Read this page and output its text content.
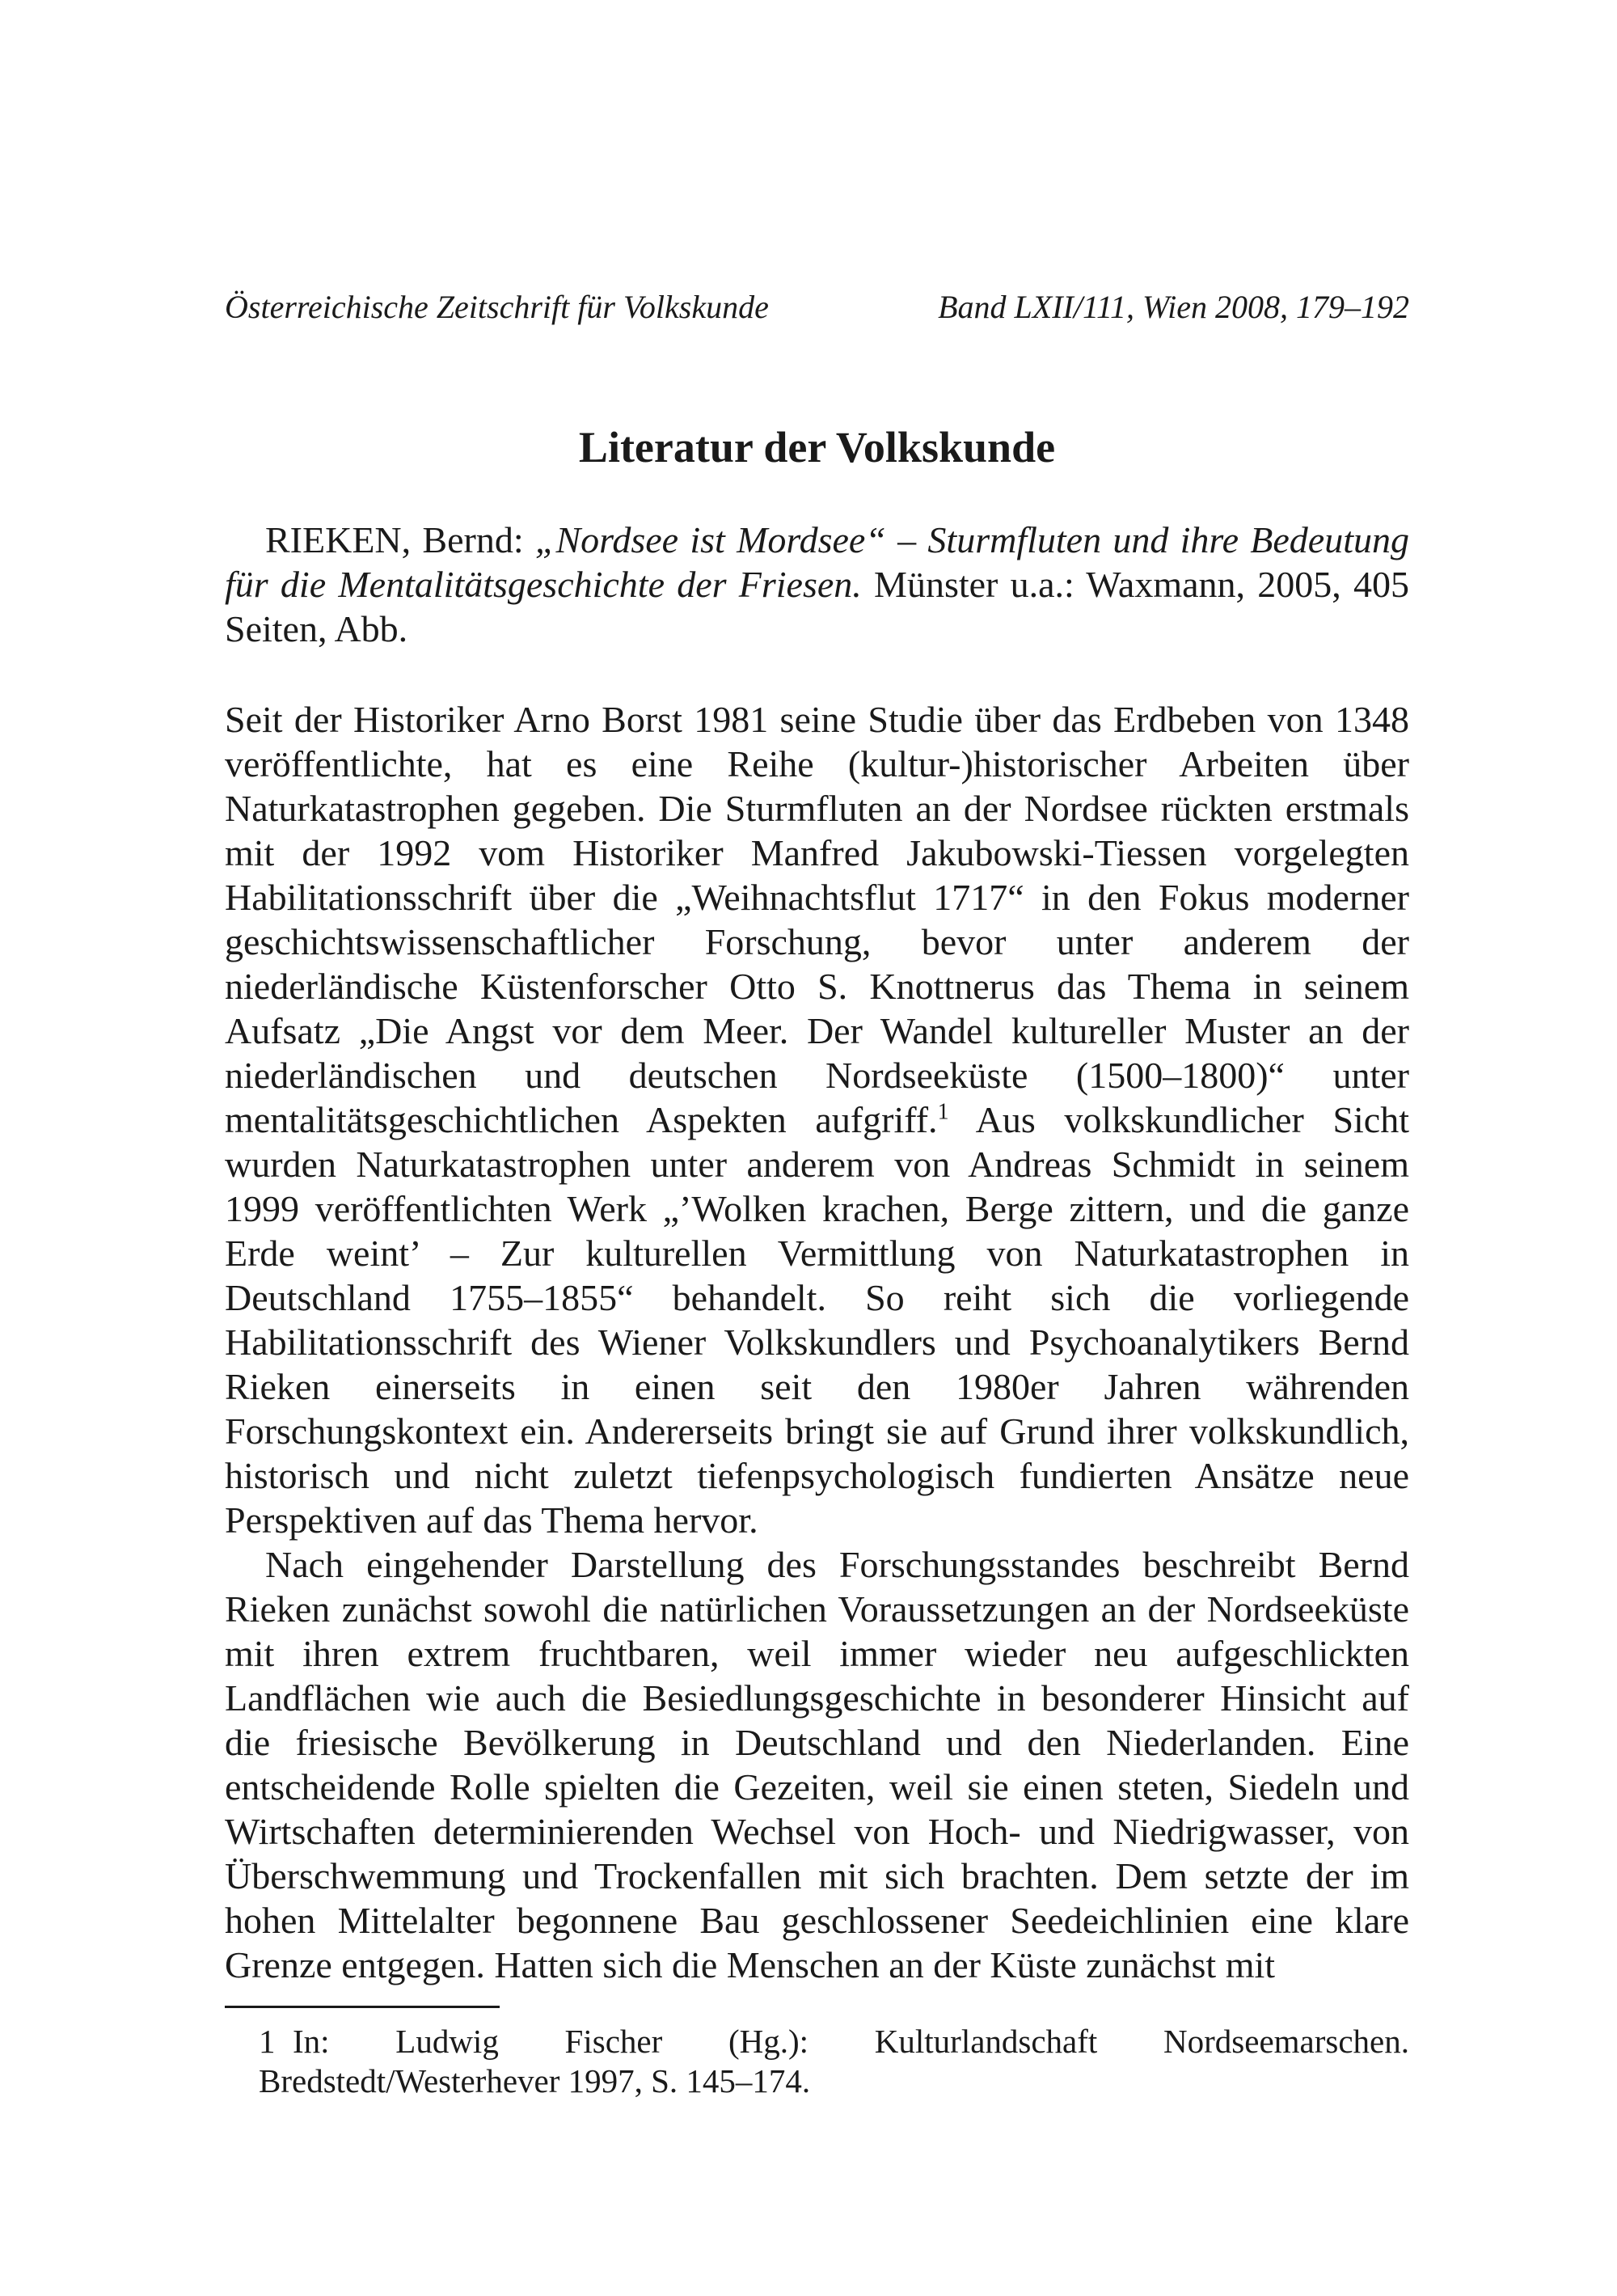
Österreichische Zeitschrift für Volkskunde	Band LXII/111, Wien 2008, 179–192
Literatur der Volkskunde
RIEKEN, Bernd: „Nordsee ist Mordsee“ – Sturmfluten und ihre Bedeutung für die Mentalitätsgeschichte der Friesen. Münster u.a.: Waxmann, 2005, 405 Seiten, Abb.

Seit der Historiker Arno Borst 1981 seine Studie über das Erdbeben von 1348 veröffentlichte, hat es eine Reihe (kultur-)historischer Arbeiten über Naturkatastrophen gegeben. Die Sturmfluten an der Nordsee rückten erstmals mit der 1992 vom Historiker Manfred Jakubowski-Tiessen vorgelegten Habilitationsschrift über die „Weihnachtsflut 1717“ in den Fokus moderner geschichtswissenschaftlicher Forschung, bevor unter anderem der niederländische Küstenforscher Otto S. Knottnerus das Thema in seinem Aufsatz „Die Angst vor dem Meer. Der Wandel kultureller Muster an der niederländischen und deutschen Nordseeküste (1500–1800)“ unter mentalitätsgeschichtlichen Aspekten aufgriff.$^1$ Aus volkskundlicher Sicht wurden Naturkatastrophen unter anderem von Andreas Schmidt in seinem 1999 veröffentlichten Werk „’Wolken krachen, Berge zittern, und die ganze Erde weint’ – Zur kulturellen Vermittlung von Naturkatastrophen in Deutschland 1755–1855“ behandelt. So reiht sich die vorliegende Habilitationsschrift des Wiener Volkskundlers und Psychoanalytikers Bernd Rieken einerseits in einen seit den 1980er Jahren währenden Forschungskontext ein. Andererseits bringt sie auf Grund ihrer volkskundlich, historisch und nicht zuletzt tiefenpsychologisch fundierten Ansätze neue Perspektiven auf das Thema hervor.

Nach eingehender Darstellung des Forschungsstandes beschreibt Bernd Rieken zunächst sowohl die natürlichen Voraussetzungen an der Nordseeküste mit ihren extrem fruchtbaren, weil immer wieder neu aufgeschlickten Landflächen wie auch die Besiedlungsgeschichte in besonderer Hinsicht auf die friesische Bevölkerung in Deutschland und den Niederlanden. Eine entscheidende Rolle spielten die Gezeiten, weil sie einen steten, Siedeln und Wirtschaften determinierenden Wechsel von Hoch- und Niedrigwasser, von Überschwemmung und Trockenfallen mit sich brachten. Dem setzte der im hohen Mittelalter begonnene Bau geschlossener Seedeichlinien eine klare Grenze entgegen. Hatten sich die Menschen an der Küste zunächst mit

1 In: Ludwig Fischer (Hg.): Kulturlandschaft Nordseemarschen. Bredstedt/Westerhever 1997, S. 145–174.
